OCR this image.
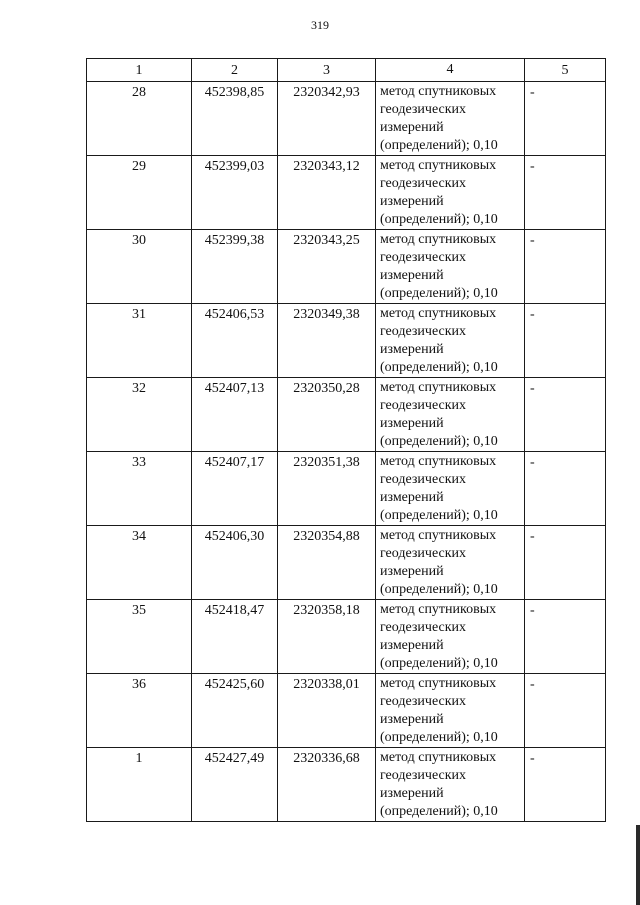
319
1	2	3	4	5
28	452398,85	2320342,93	метод спутниковых геодезических измерений (определений); 0,10	-
29	452399,03	2320343,12	метод спутниковых геодезических измерений (определений); 0,10	-
30	452399,38	2320343,25	метод спутниковых геодезических измерений (определений); 0,10	-
31	452406,53	2320349,38	метод спутниковых геодезических измерений (определений); 0,10	-
32	452407,13	2320350,28	метод спутниковых геодезических измерений (определений); 0,10	-
33	452407,17	2320351,38	метод спутниковых геодезических измерений (определений); 0,10	-
34	452406,30	2320354,88	метод спутниковых геодезических измерений (определений); 0,10	-
35	452418,47	2320358,18	метод спутниковых геодезических измерений (определений); 0,10	-
36	452425,60	2320338,01	метод спутниковых геодезических измерений (определений); 0,10	-
1	452427,49	2320336,68	метод спутниковых геодезических измерений (определений); 0,10	-
